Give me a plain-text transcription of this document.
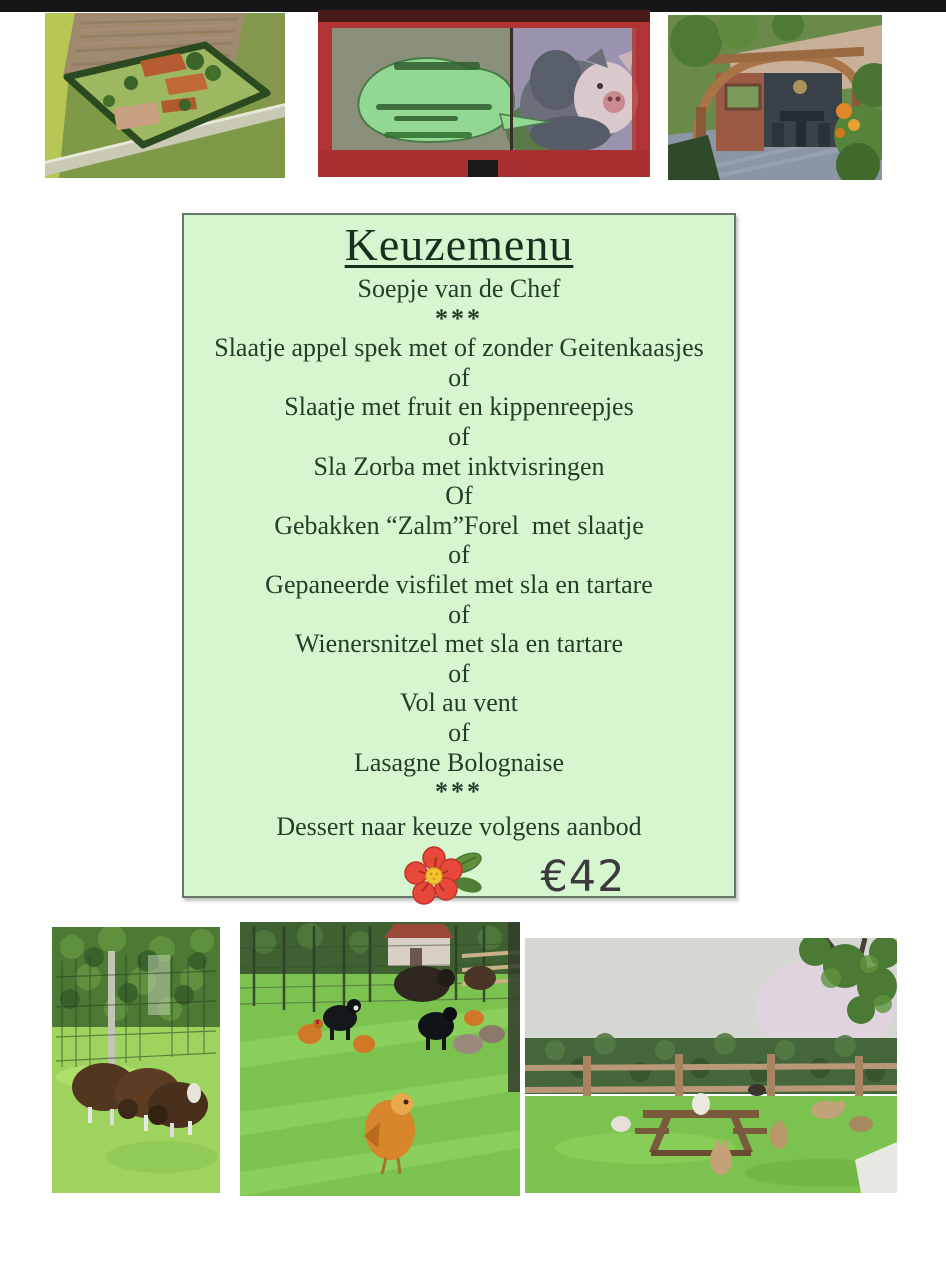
Keuzemenu
Soepje van de Chef
***
Slaatje appel spek met of zonder Geitenkaasjes
of
Slaatje met fruit en kippenreepjes
of
Sla Zorba met inktvisringen
Of
Gebakken “Zalm”Forel  met slaatje
of
Gepaneerde visfilet met sla en tartare
of
Wienersnitzel met sla en tartare
of
Vol au vent
of
Lasagne Bolognaise
***
Dessert naar keuze volgens aanbod
€42
